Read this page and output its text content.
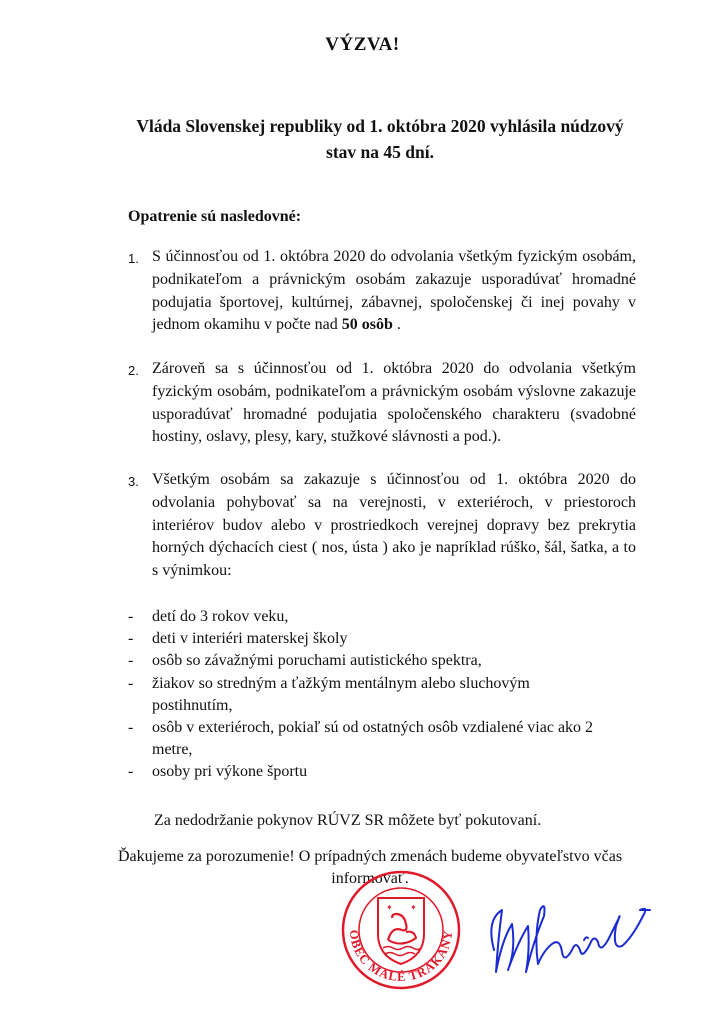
VÝZVA!
Vláda Slovenskej republiky od 1. októbra 2020 vyhlásila núdzový stav na 45 dní.
Opatrenie sú nasledovné:
1. S účinnosťou od 1. októbra 2020 do odvolania všetkým fyzickým osobám, podnikateľom a právnickým osobám zakazuje usporadúvať hromadné podujatia športovej, kultúrnej, zábavnej, spoločenskej či inej povahy v jednom okamihu v počte nad 50 osôb .
2. Zároveň sa s účinnosťou od 1. októbra 2020 do odvolania všetkým fyzickým osobám, podnikateľom a právnickým osobám výslovne zakazuje usporadúvať hromadné podujatia spoločenského charakteru (svadobné hostiny, oslavy, plesy, kary, stužkové slávnosti a pod.).
3. Všetkým osobám sa zakazuje s účinnosťou od 1. októbra 2020 do odvolania pohybovať sa na verejnosti, v exteriéroch, v priestoroch interiérov budov alebo v prostriedkoch verejnej dopravy bez prekrytia horných dýchacích ciest ( nos, ústa ) ako je napríklad rúško, šál, šatka, a to s výnimkou:
- detí do 3 rokov veku,
- deti v interiéri materskej školy
- osôb so závažnými poruchami autistického spektra,
- žiakov so stredným a ťažkým mentálnym alebo sluchovým postihnutím,
- osôb v exteriéroch, pokiaľ sú od ostatných osôb vzdialené viac ako 2 metre,
- osoby pri výkone športu
Za nedodržanie pokynov RÚVZ SR môžete byť pokutovaní.
Ďakujeme za porozumenie! O prípadných zmenách budeme obyvateľstvo včas informovať.
✦ ✦
OBEC MALÉ TRAKANY
